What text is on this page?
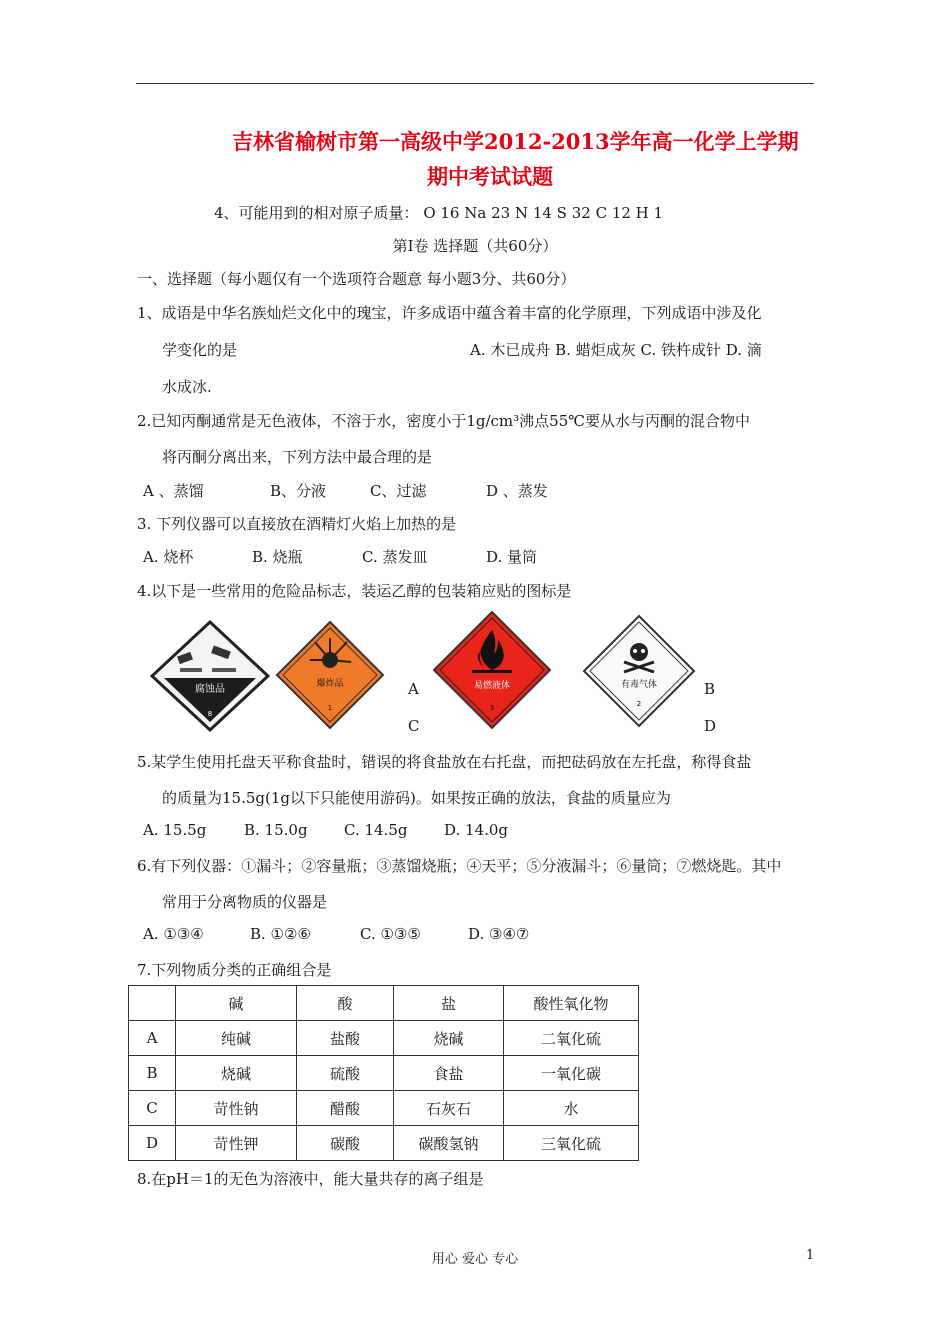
吉林省榆树市第一高级中学2012-2013学年高一化学上学期
期中考试试题
4、可能用到的相对原子质量： O 16 Na 23 N 14 S 32 C 12 H 1
第Ⅰ卷 选择题（共60分）
一、选择题（每小题仅有一个选项符合题意 每小题3分、共60分）
1、成语是中华名族灿烂文化中的瑰宝，许多成语中蕴含着丰富的化学原理，下列成语中涉及化
学变化的是	A. 木已成舟 B. 蜡炬成灰 C. 铁杵成针 D. 滴
水成冰.
2.已知丙酮通常是无色液体，不溶于水，密度小于1g/cm³沸点55℃要从水与丙酮的混合物中
将丙酮分离出来，下列方法中最合理的是
A 、蒸馏	B、分液	C、过滤	D 、蒸发
3. 下列仪器可以直接放在酒精灯火焰上加热的是
A. 烧杯	B. 烧瓶	C. 蒸发皿	D. 量筒
4.以下是一些常用的危险品标志，装运乙醇的包装箱应贴的图标是
腐蚀品
8
爆炸品
1
易燃液体
3
有毒气体
2
A	B
C	D
5.某学生使用托盘天平称食盐时，错误的将食盐放在右托盘，而把砝码放在左托盘，称得食盐
的质量为15.5g(1g以下只能使用游码)。如果按正确的放法，食盐的质量应为
A. 15.5g	B. 15.0g C. 14.5g D. 14.0g
6.有下列仪器：①漏斗；②容量瓶；③蒸馏烧瓶；④天平；⑤分液漏斗；⑥量筒；⑦燃烧匙。其中
常用于分离物质的仪器是
A. ①③④	B. ①②⑥	C. ①③⑤	D. ③④⑦
7.下列物质分类的正确组合是
	碱	酸	盐	酸性氧化物
A	纯碱	盐酸	烧碱	二氧化硫
B	烧碱	硫酸	食盐	一氧化碳
C	苛性钠	醋酸	石灰石	水
D	苛性钾	碳酸	碳酸氢钠	三氧化硫
8.在pH＝1的无色为溶液中，能大量共存的离子组是
用心 爱心 专心	1
